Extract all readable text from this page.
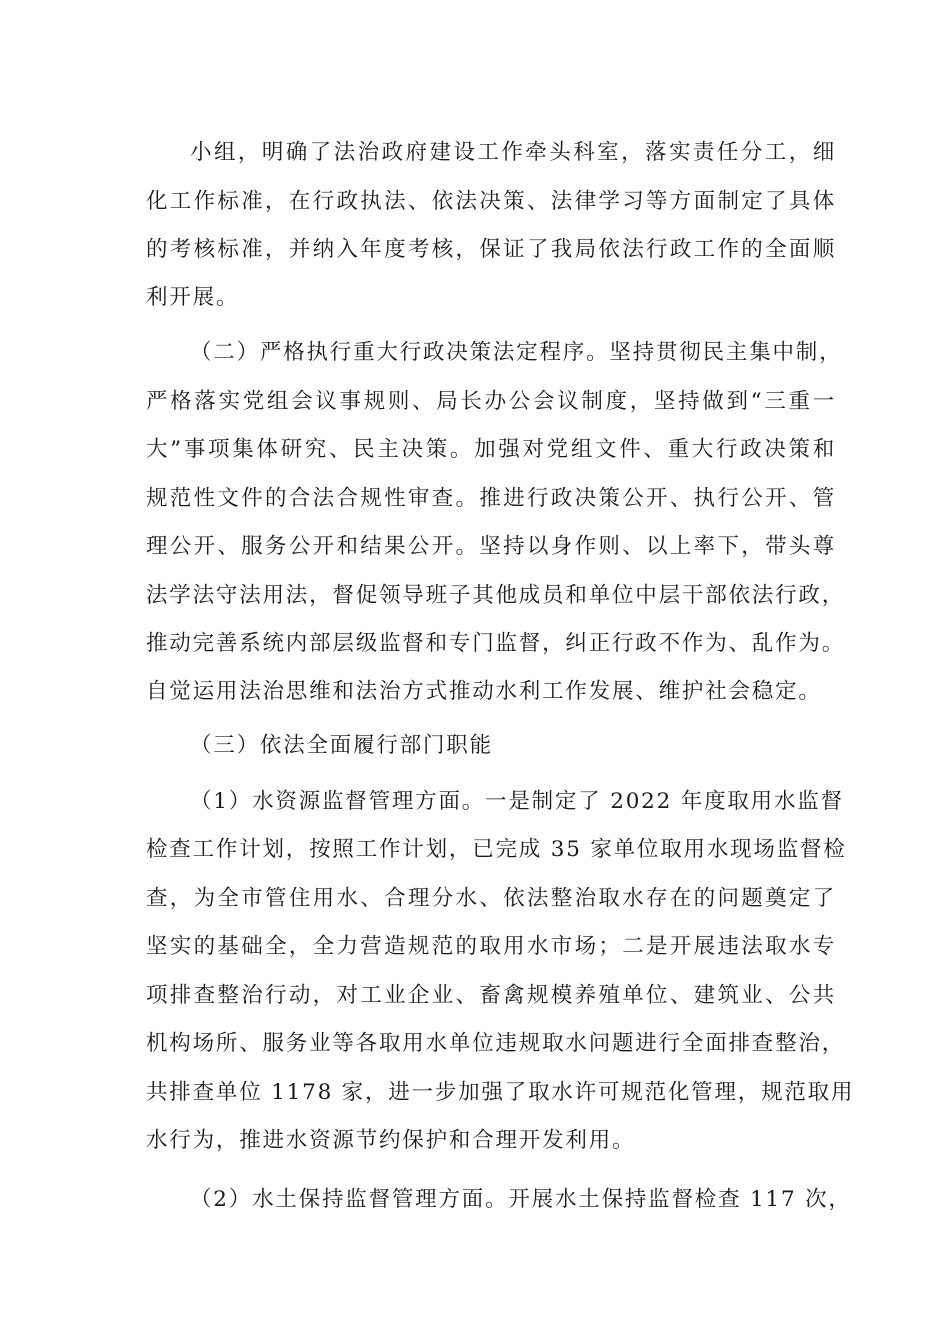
小组，明确了法治政府建设工作牵头科室，落实责任分工，细
化工作标准，在行政执法、依法决策、法律学习等方面制定了具体
的考核标准，并纳入年度考核，保证了我局依法行政工作的全面顺
利开展。
（二）严格执行重大行政决策法定程序。坚持贯彻民主集中制，
严格落实党组会议事规则、局长办公会议制度，坚持做到“三重一
大”事项集体研究、民主决策。加强对党组文件、重大行政决策和
规范性文件的合法合规性审查。推进行政决策公开、执行公开、管
理公开、服务公开和结果公开。坚持以身作则、以上率下，带头尊
法学法守法用法，督促领导班子其他成员和单位中层干部依法行政，
推动完善系统内部层级监督和专门监督，纠正行政不作为、乱作为。
自觉运用法治思维和法治方式推动水利工作发展、维护社会稳定。
（三）依法全面履行部门职能
（1）水资源监督管理方面。一是制定了 2022 年度取用水监督
检查工作计划，按照工作计划，已完成 35 家单位取用水现场监督检
查，为全市管住用水、合理分水、依法整治取水存在的问题奠定了
坚实的基础全，全力营造规范的取用水市场；二是开展违法取水专
项排查整治行动，对工业企业、畜禽规模养殖单位、建筑业、公共
机构场所、服务业等各取用水单位违规取水问题进行全面排查整治，
共排查单位 1178 家，进一步加强了取水许可规范化管理，规范取用
水行为，推进水资源节约保护和合理开发利用。
（2）水土保持监督管理方面。开展水土保持监督检查 117 次，
